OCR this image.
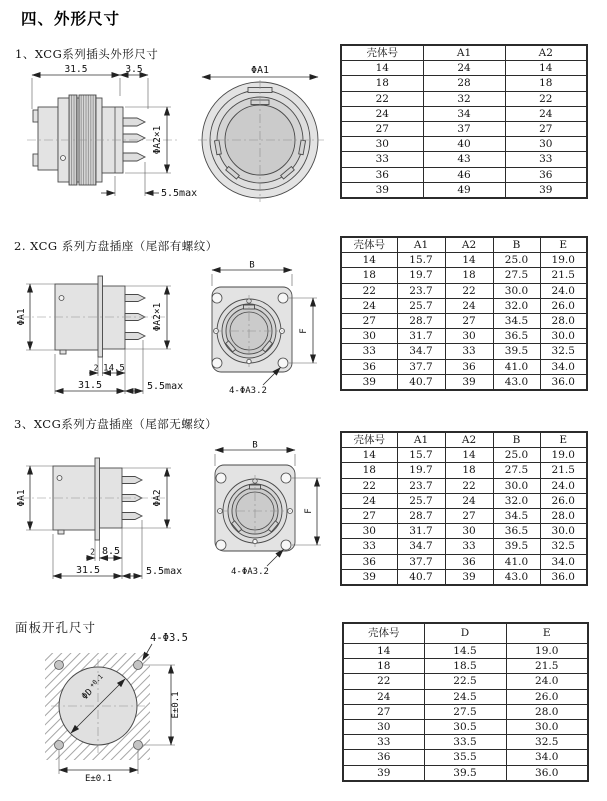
四、外形尺寸
1、XCG系列插头外形尺寸
2. XCG 系列方盘插座（尾部有螺纹）
3、XCG系列方盘插座（尾部无螺纹）
面板开孔尺寸
31.5	3.5
ΦA2×1
5.5max
ΦA1
壳体号	A1	A2
14	24	14
18	28	18
22	32	22
24	34	24
27	37	27
30	40	30
33	43	33
36	46	36
39	49	39
ΦA1	ΦA2×1
2 14.5
31.5	5.5max
B
F
4-ΦA3.2
壳体号	A1	A2	B	E
14	15.7	14	25.0	19.0
18	19.7	18	27.5	21.5
22	23.7	22	30.0	24.0
24	25.7	24	32.0	26.0
27	28.7	27	34.5	28.0
30	31.7	30	36.5	30.0
33	34.7	33	39.5	32.5
36	37.7	36	41.0	34.0
39	40.7	39	43.0	36.0
ΦA1	ΦA2
2 8.5
31.5	5.5max
B
F
4-ΦA3.2
壳体号	A1	A2	B	E
14	15.7	14	25.0	19.0
18	19.7	18	27.5	21.5
22	23.7	22	30.0	24.0
24	25.7	24	32.0	26.0
27	28.7	27	34.5	28.0
30	31.7	30	36.5	30.0
33	34.7	33	39.5	32.5
36	37.7	36	41.0	34.0
39	40.7	39	43.0	36.0
ΦD
+0.1
4-Φ3.5
E±0.1
E±0.1
壳体号	D	E
14	14.5	19.0
18	18.5	21.5
22	22.5	24.0
24	24.5	26.0
27	27.5	28.0
30	30.5	30.0
33	33.5	32.5
36	35.5	34.0
39	39.5	36.0
